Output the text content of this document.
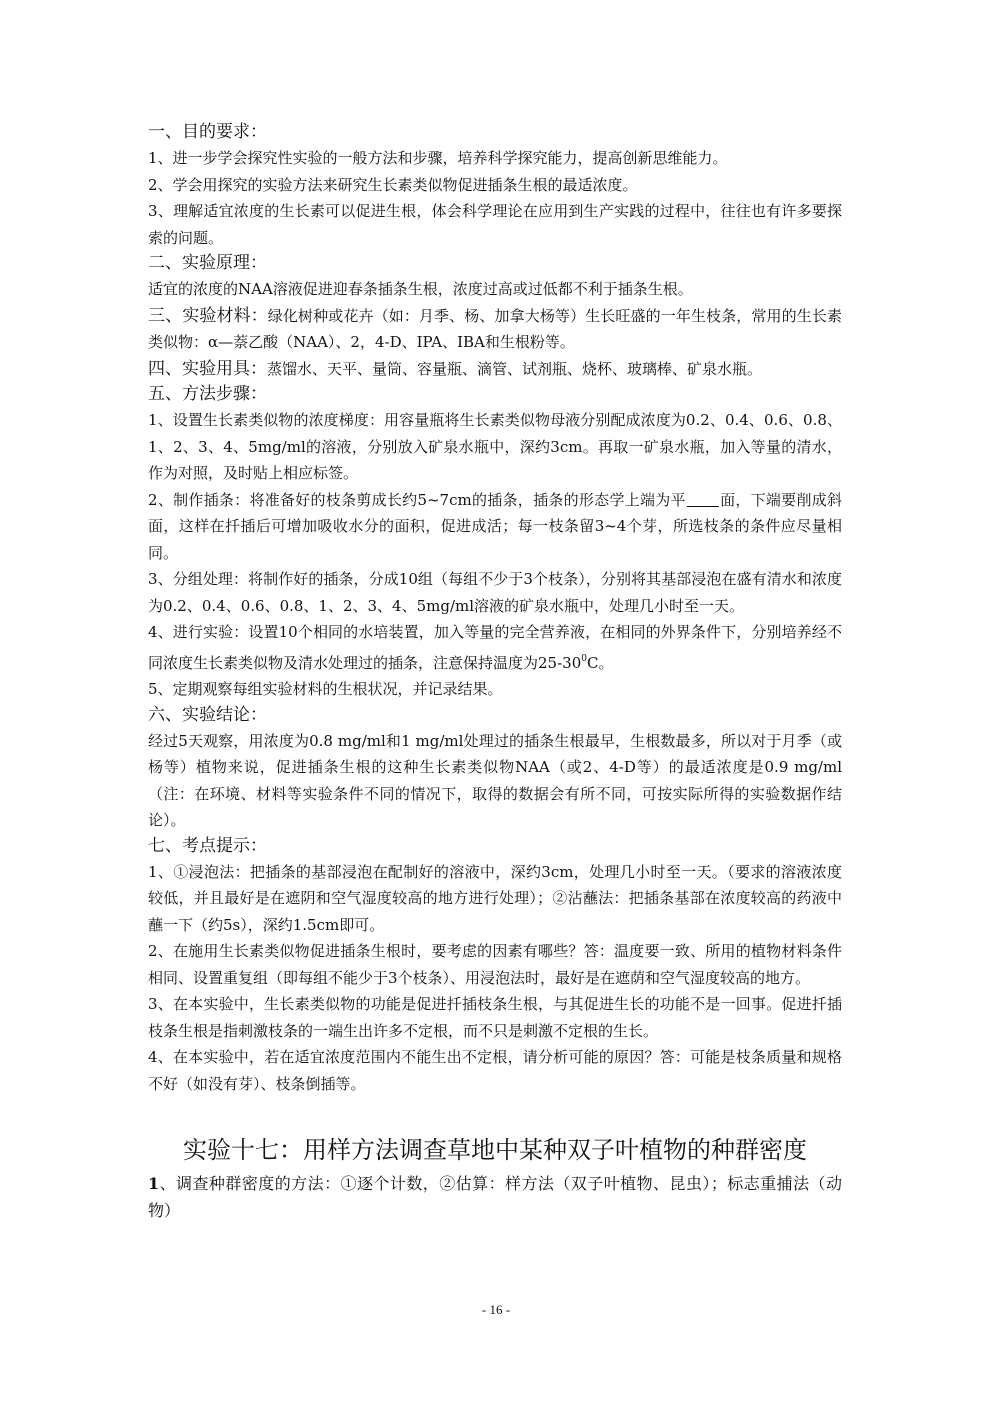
一、目的要求：

1、进一步学会探究性实验的一般方法和步骤，培养科学探究能力，提高创新思维能力。

2、学会用探究的实验方法来研究生长素类似物促进插条生根的最适浓度。

3、理解适宜浓度的生长素可以促进生根，体会科学理论在应用到生产实践的过程中，往往也有许多要探索的问题。

二、实验原理：

适宜的浓度的NAA溶液促进迎春条插条生根，浓度过高或过低都不利于插条生根。

三、实验材料：绿化树种或花卉（如：月季、杨、加拿大杨等）生长旺盛的一年生枝条，常用的生长素类似物：α—萘乙酸（NAA）、2，4-D、IPA、IBA和生根粉等。

四、实验用具：蒸馏水、天平、量筒、容量瓶、滴管、试剂瓶、烧杯、玻璃棒、矿泉水瓶。

五、方法步骤：

1、设置生长素类似物的浓度梯度：用容量瓶将生长素类似物母液分别配成浓度为0.2、0.4、0.6、0.8、1、2、3、4、5mg/ml的溶液，分别放入矿泉水瓶中，深约3cm。再取一矿泉水瓶，加入等量的清水，作为对照，及时贴上相应标签。

2、制作插条：将准备好的枝条剪成长约5~7cm的插条，插条的形态学上端为平 面，下端要削成斜面，这样在扦插后可增加吸收水分的面积，促进成活；每一枝条留3~4个芽，所选枝条的条件应尽量相同。

3、分组处理：将制作好的插条，分成10组（每组不少于3个枝条），分别将其基部浸泡在盛有清水和浓度为0.2、0.4、0.6、0.8、1、2、3、4、5mg/ml溶液的矿泉水瓶中，处理几小时至一天。

4、进行实验：设置10个相同的水培装置，加入等量的完全营养液，在相同的外界条件下，分别培养经不同浓度生长素类似物及清水处理过的插条，注意保持温度为$25-30^0C$。

5、定期观察每组实验材料的生根状况，并记录结果。

六、实验结论：

经过5天观察，用浓度为0.8 mg/ml和1 mg/ml处理过的插条生根最早，生根数最多，所以对于月季（或杨等）植物来说，促进插条生根的这种生长素类似物NAA（或2、4-D等）的最适浓度是0.9 mg/ml（注：在环境、材料等实验条件不同的情况下，取得的数据会有所不同，可按实际所得的实验数据作结论）。

七、考点提示：

1、①浸泡法：把插条的基部浸泡在配制好的溶液中，深约3cm，处理几小时至一天。（要求的溶液浓度较低，并且最好是在遮阴和空气湿度较高的地方进行处理）；②沾蘸法：把插条基部在浓度较高的药液中蘸一下（约5s），深约1.5cm即可。

2、在施用生长素类似物促进插条生根时，要考虑的因素有哪些？答：温度要一致、所用的植物材料条件相同、设置重复组（即每组不能少于3个枝条）、用浸泡法时，最好是在遮荫和空气湿度较高的地方。

3、在本实验中，生长素类似物的功能是促进扦插枝条生根，与其促进生长的功能不是一回事。促进扦插枝条生根是指刺激枝条的一端生出许多不定根，而不只是刺激不定根的生长。

4、在本实验中，若在适宜浓度范围内不能生出不定根，请分析可能的原因？答：可能是枝条质量和规格不好（如没有芽）、枝条倒插等。

实验十七：用样方法调查草地中某种双子叶植物的种群密度

1、调查种群密度的方法：①逐个计数，②估算：样方法（双子叶植物、昆虫）；标志重捕法（动物）

- 16 -
